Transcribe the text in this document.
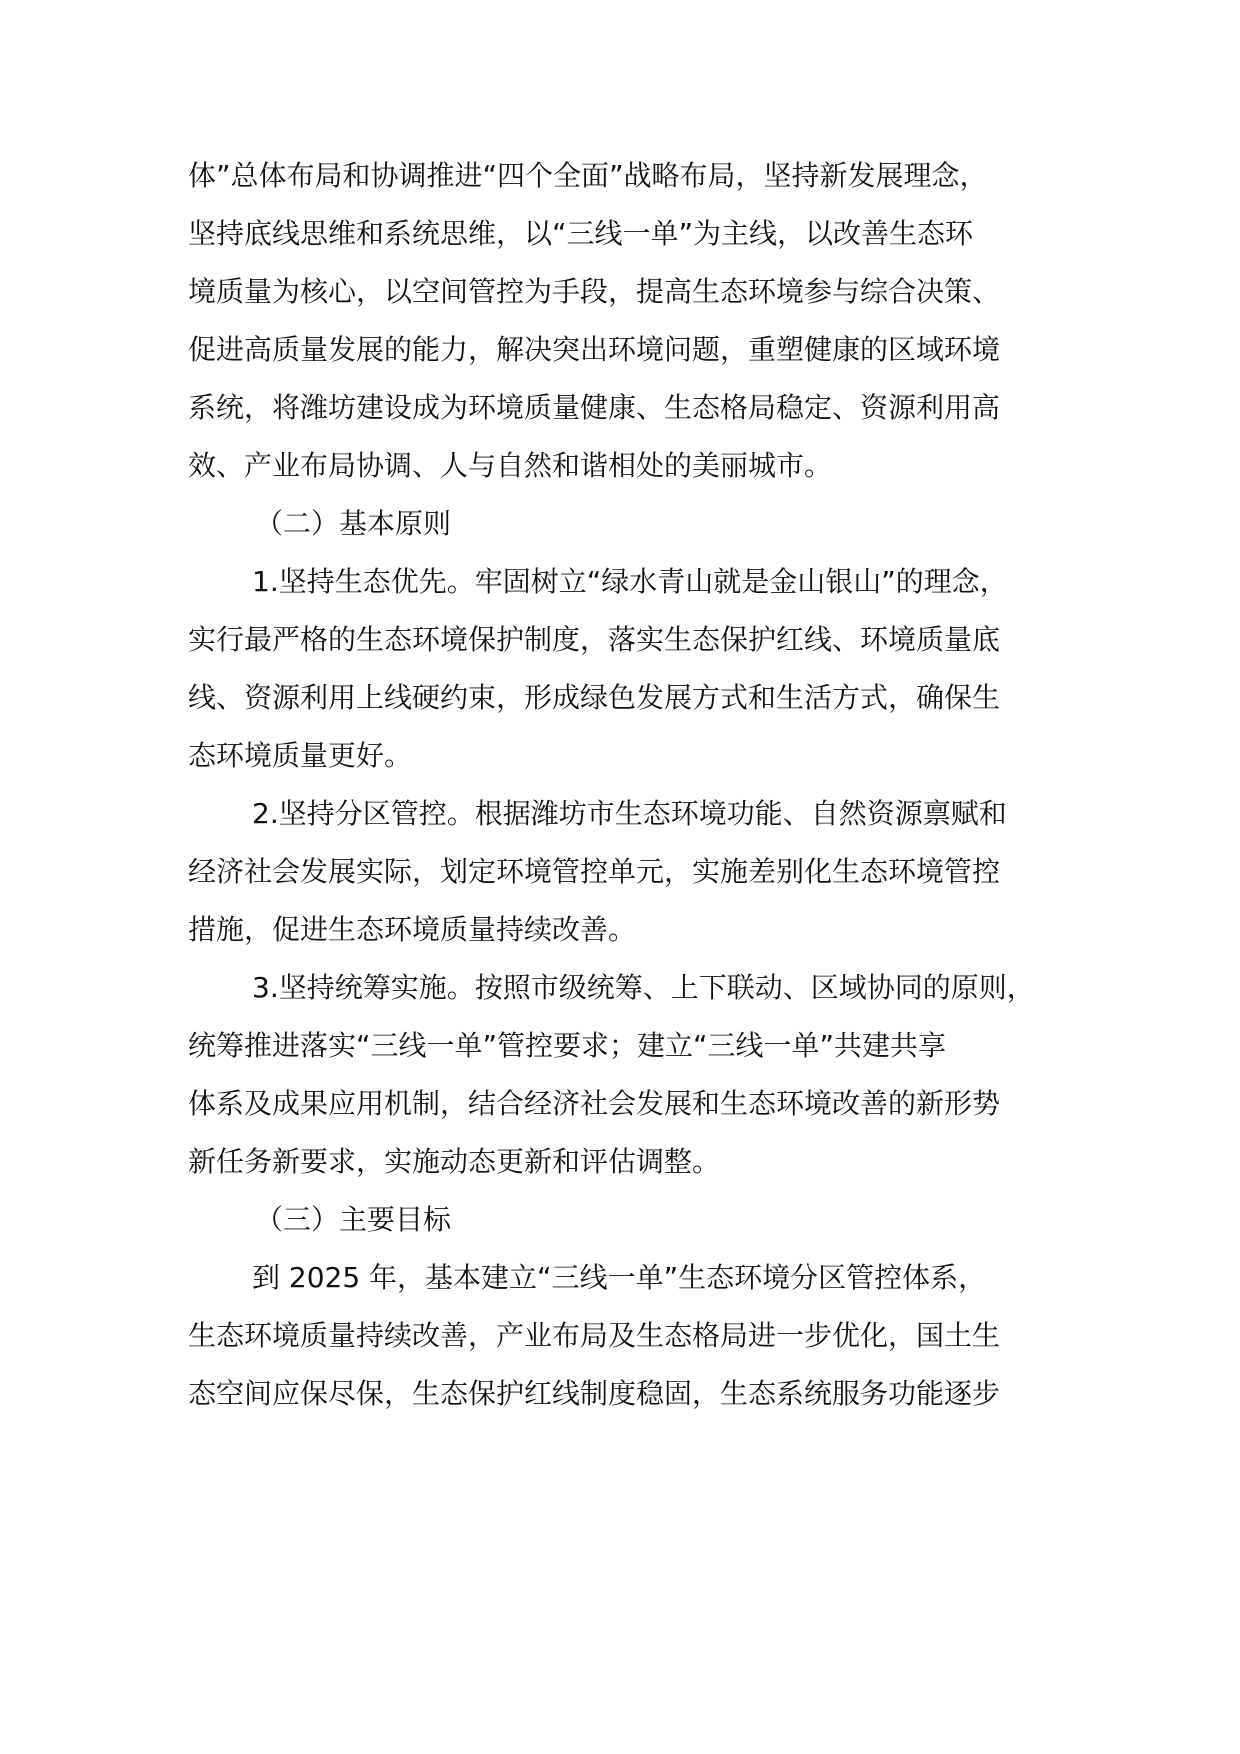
体”总体布局和协调推进“四个全面”战略布局，坚持新发展理念，
坚持底线思维和系统思维，以“三线一单”为主线，以改善生态环
境质量为核心，以空间管控为手段，提高生态环境参与综合决策、
促进高质量发展的能力，解决突出环境问题，重塑健康的区域环境
系统，将潍坊建设成为环境质量健康、生态格局稳定、资源利用高
效、产业布局协调、人与自然和谐相处的美丽城市。
（二）基本原则
1.坚持生态优先。牢固树立“绿水青山就是金山银山”的理念，
实行最严格的生态环境保护制度，落实生态保护红线、环境质量底
线、资源利用上线硬约束，形成绿色发展方式和生活方式，确保生
态环境质量更好。
2.坚持分区管控。根据潍坊市生态环境功能、自然资源禀赋和
经济社会发展实际，划定环境管控单元，实施差别化生态环境管控
措施，促进生态环境质量持续改善。
3.坚持统筹实施。按照市级统筹、上下联动、区域协同的原则，
统筹推进落实“三线一单”管控要求；建立“三线一单”共建共享
体系及成果应用机制，结合经济社会发展和生态环境改善的新形势
新任务新要求，实施动态更新和评估调整。
（三）主要目标
到 2025 年，基本建立“三线一单”生态环境分区管控体系，
生态环境质量持续改善，产业布局及生态格局进一步优化，国土生
态空间应保尽保，生态保护红线制度稳固，生态系统服务功能逐步
